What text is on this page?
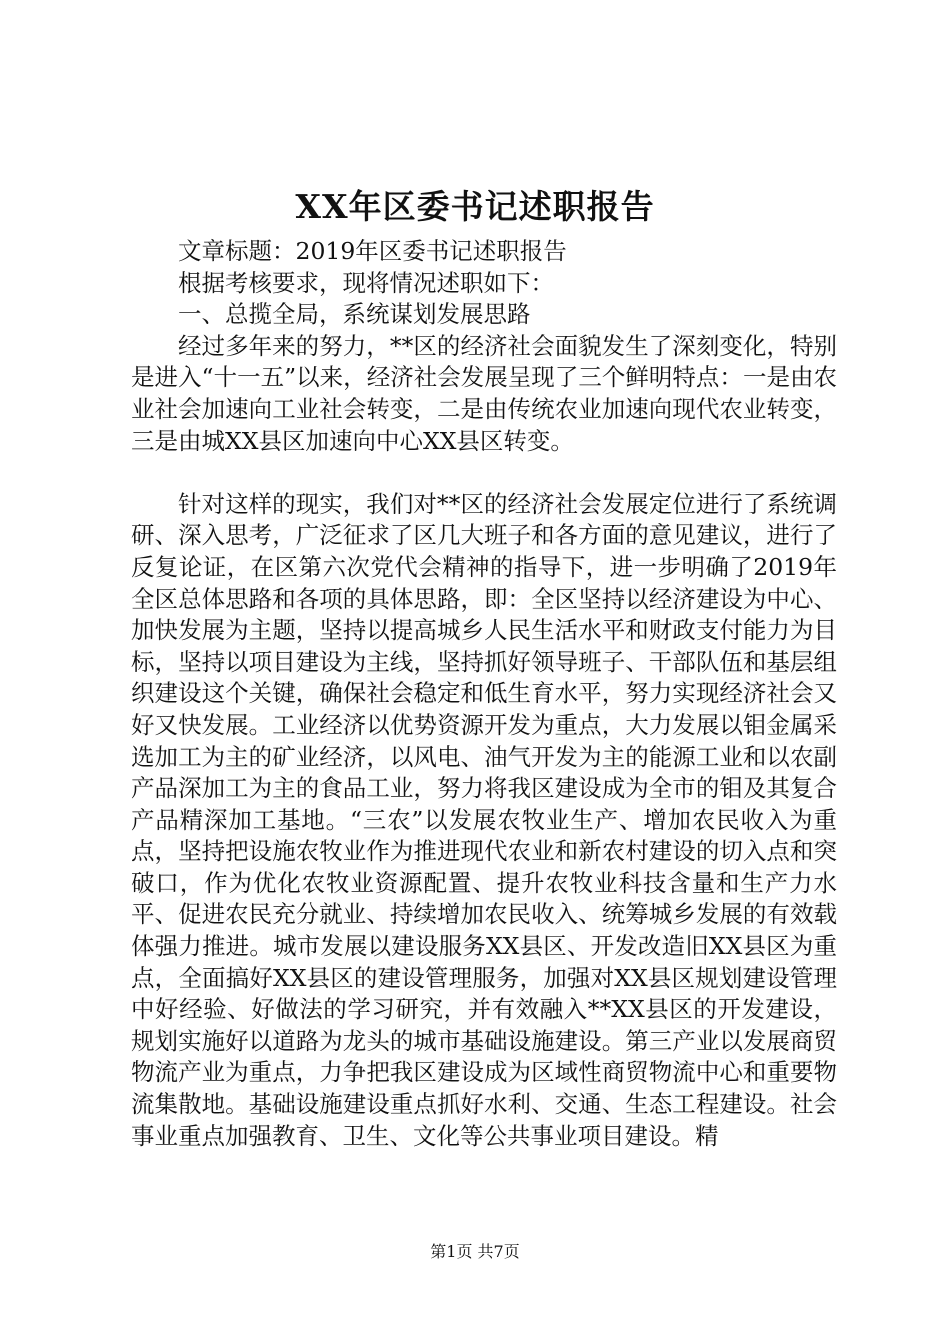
XX年区委书记述职报告

文章标题：2019年区委书记述职报告

根据考核要求，现将情况述职如下：

一、总揽全局，系统谋划发展思路

经过多年来的努力，**区的经济社会面貌发生了深刻变化，特别是进入“十一五”以来，经济社会发展呈现了三个鲜明特点：一是由农业社会加速向工业社会转变，二是由传统农业加速向现代农业转变，三是由城XX县区加速向中心XX县区转变。

针对这样的现实，我们对**区的经济社会发展定位进行了系统调研、深入思考，广泛征求了区几大班子和各方面的意见建议，进行了反复论证，在区第六次党代会精神的指导下，进一步明确了2019年全区总体思路和各项的具体思路，即：全区坚持以经济建设为中心、加快发展为主题，坚持以提高城乡人民生活水平和财政支付能力为目标，坚持以项目建设为主线，坚持抓好领导班子、干部队伍和基层组织建设这个关键，确保社会稳定和低生育水平，努力实现经济社会又好又快发展。工业经济以优势资源开发为重点，大力发展以钼金属采选加工为主的矿业经济，以风电、油气开发为主的能源工业和以农副产品深加工为主的食品工业，努力将我区建设成为全市的钼及其复合产品精深加工基地。“三农”以发展农牧业生产、增加农民收入为重点，坚持把设施农牧业作为推进现代农业和新农村建设的切入点和突破口，作为优化农牧业资源配置、提升农牧业科技含量和生产力水平、促进农民充分就业、持续增加农民收入、统筹城乡发展的有效载体强力推进。城市发展以建设服务XX县区、开发改造旧XX县区为重点，全面搞好XX县区的建设管理服务，加强对XX县区规划建设管理中好经验、好做法的学习研究，并有效融入**XX县区的开发建设，规划实施好以道路为龙头的城市基础设施建设。第三产业以发展商贸物流产业为重点，力争把我区建设成为区域性商贸物流中心和重要物流集散地。基础设施建设重点抓好水利、交通、生态工程建设。社会事业重点加强教育、卫生、文化等公共事业项目建设。精

第1页 共7页
